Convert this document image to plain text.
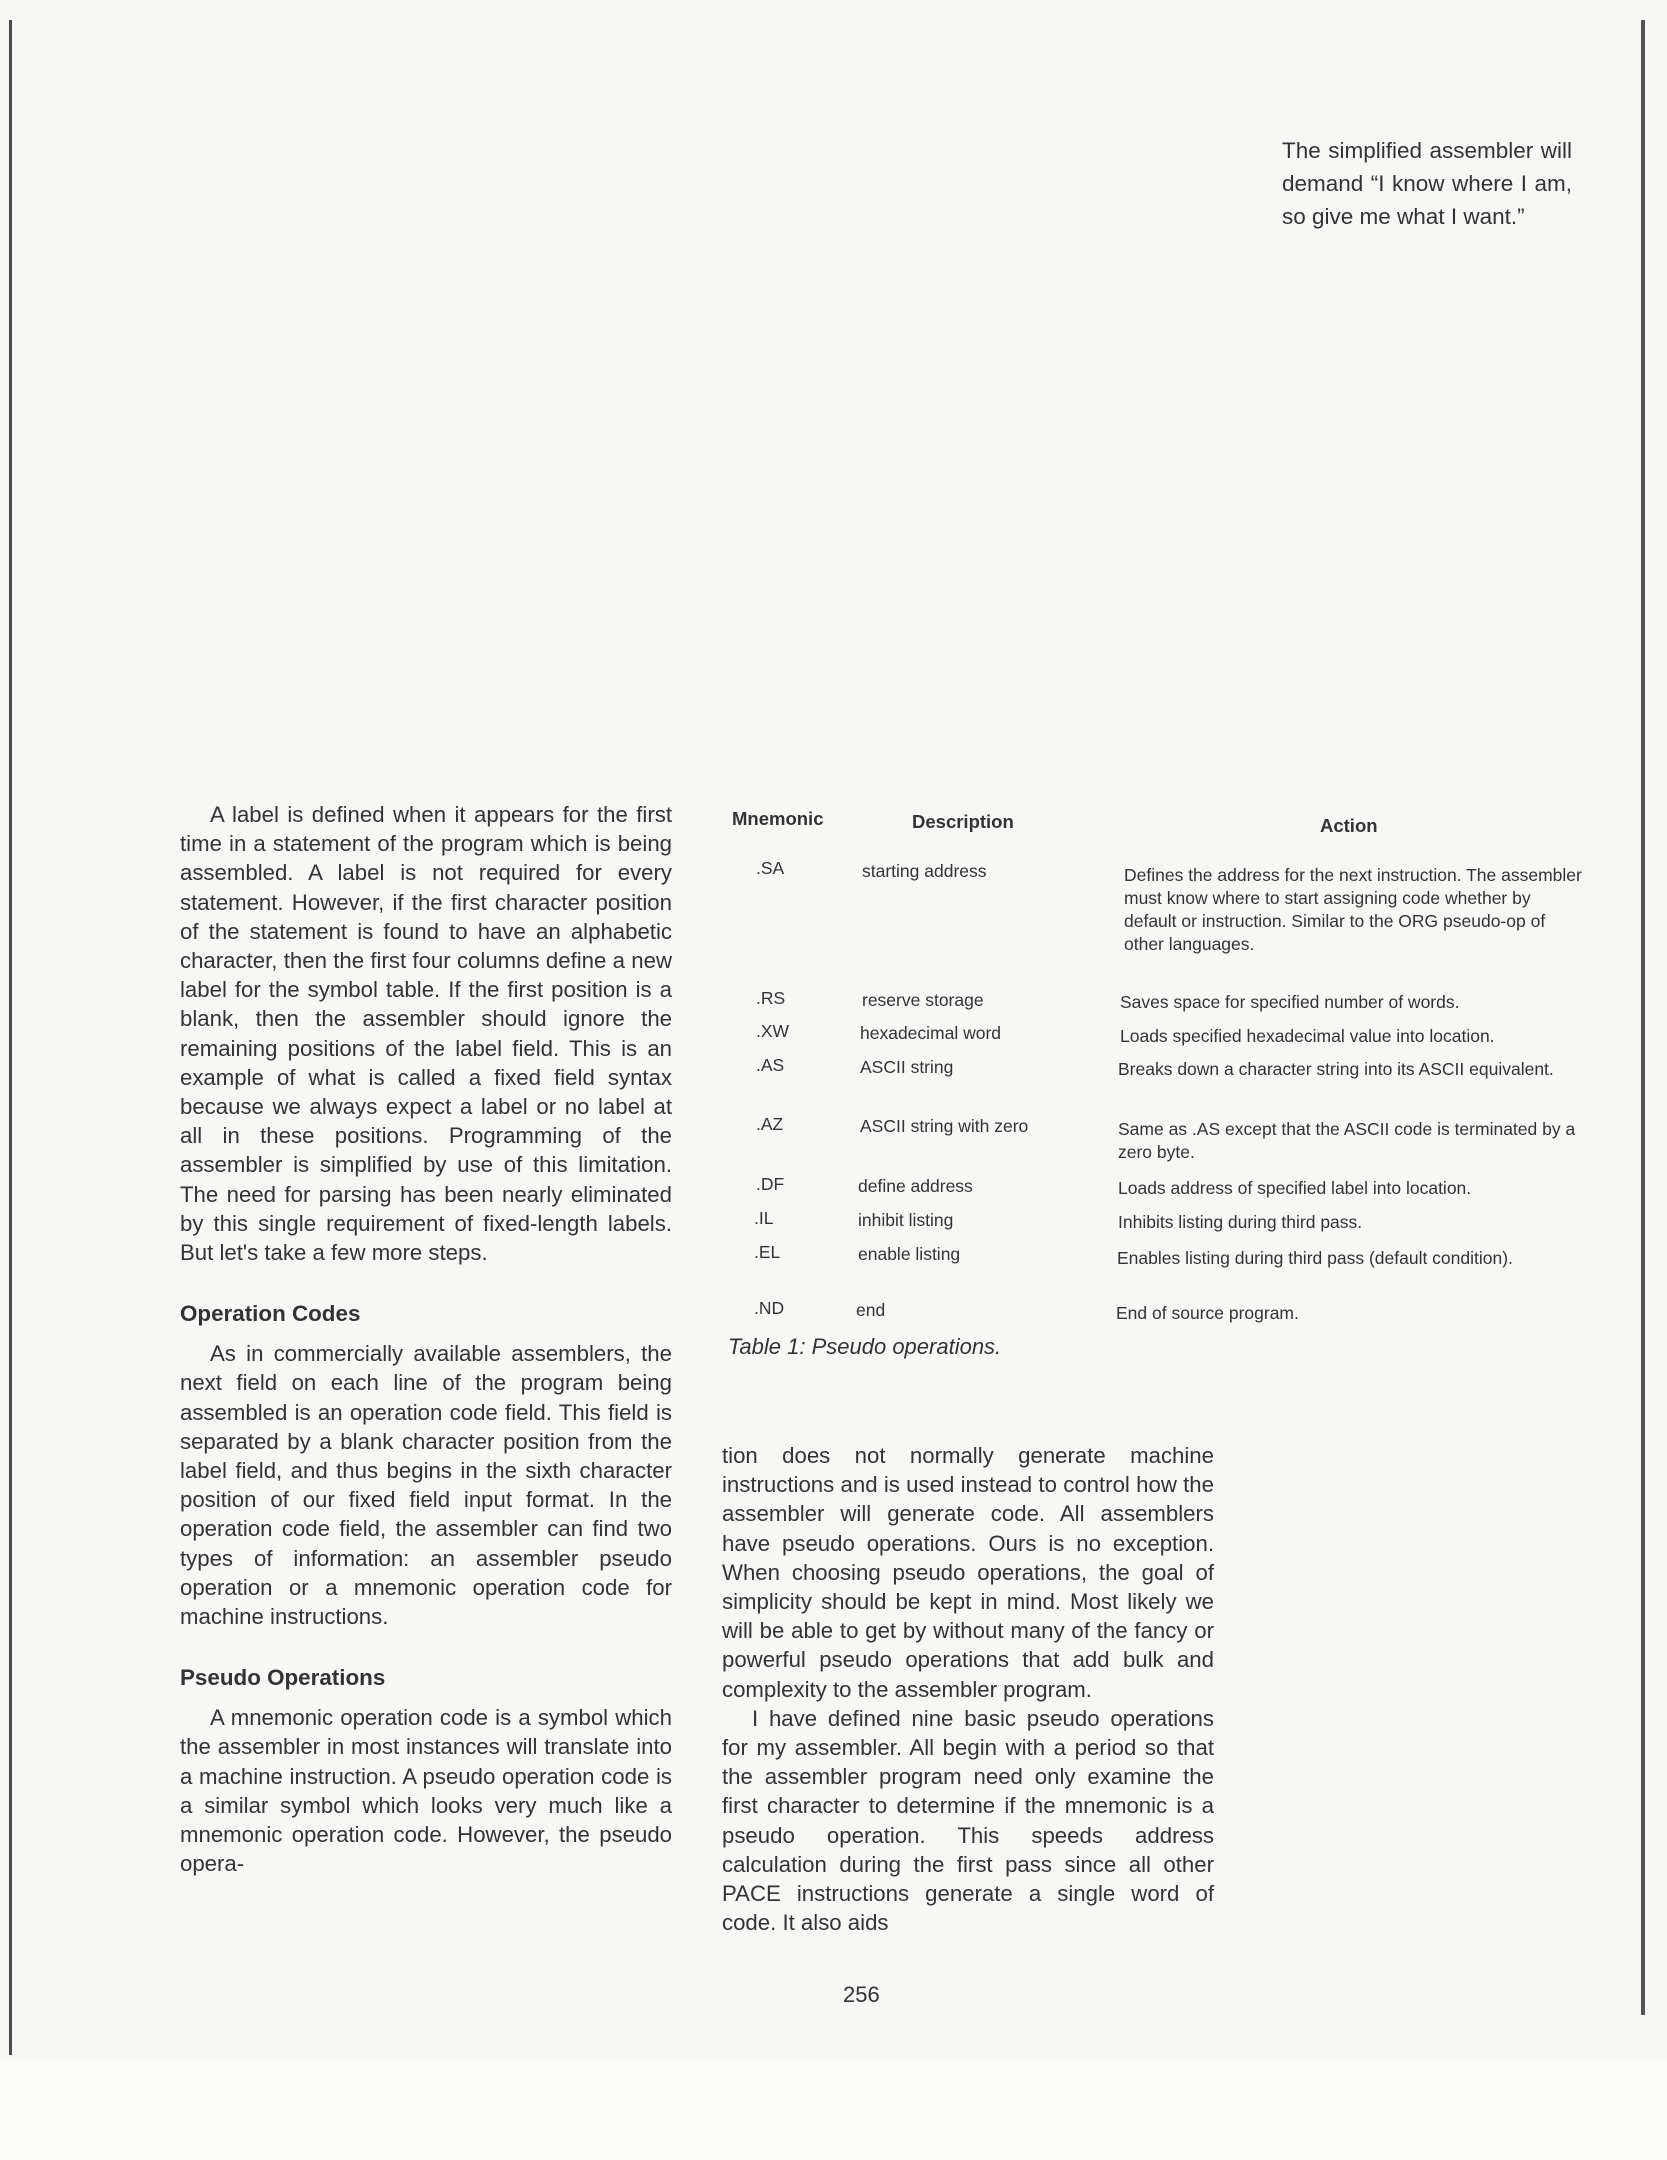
The simplified assembler will demand “I know where I am, so give me what I want.”

A label is defined when it appears for the first time in a statement of the program which is being assembled. A label is not required for every statement. However, if the first character position of the statement is found to have an alphabetic character, then the first four columns define a new label for the symbol table. If the first position is a blank, then the assembler should ignore the remaining positions of the label field. This is an example of what is called a fixed field syntax because we always expect a label or no label at all in these positions. Programming of the assembler is simplified by use of this limitation. The need for parsing has been nearly eliminated by this single requirement of fixed-length labels. But let's take a few more steps.

Operation Codes

As in commercially available assemblers, the next field on each line of the program being assembled is an operation code field. This field is separated by a blank character position from the label field, and thus begins in the sixth character position of our fixed field input format. In the operation code field, the assembler can find two types of information: an assembler pseudo operation or a mnemonic operation code for machine instructions.

Pseudo Operations

A mnemonic operation code is a symbol which the assembler in most instances will translate into a machine instruction. A pseudo operation code is a similar symbol which looks very much like a mnemonic operation code. However, the pseudo opera-

Mnemonic	Description	Action
.SA	starting address	Defines the address for the next instruction. The assembler must know where to start assigning code whether by default or instruction. Similar to the ORG pseudo-op of other languages.
.RS	reserve storage	Saves space for specified number of words.
.XW	hexadecimal word	Loads specified hexadecimal value into location.
.AS	ASCII string	Breaks down a character string into its ASCII equivalent.
.AZ	ASCII string with zero	Same as .AS except that the ASCII code is terminated by a zero byte.
.DF	define address	Loads address of specified label into location.
.IL	inhibit listing	Inhibits listing during third pass.
.EL	enable listing	Enables listing during third pass (default condition).
.ND	end	End of source program.
Table 1: Pseudo operations.

tion does not normally generate machine instructions and is used instead to control how the assembler will generate code. All assemblers have pseudo operations. Ours is no exception. When choosing pseudo operations, the goal of simplicity should be kept in mind. Most likely we will be able to get by without many of the fancy or powerful pseudo operations that add bulk and complexity to the assembler program.

I have defined nine basic pseudo operations for my assembler. All begin with a period so that the assembler program need only examine the first character to determine if the mnemonic is a pseudo operation. This speeds address calculation during the first pass since all other PACE instructions generate a single word of code. It also aids

256
